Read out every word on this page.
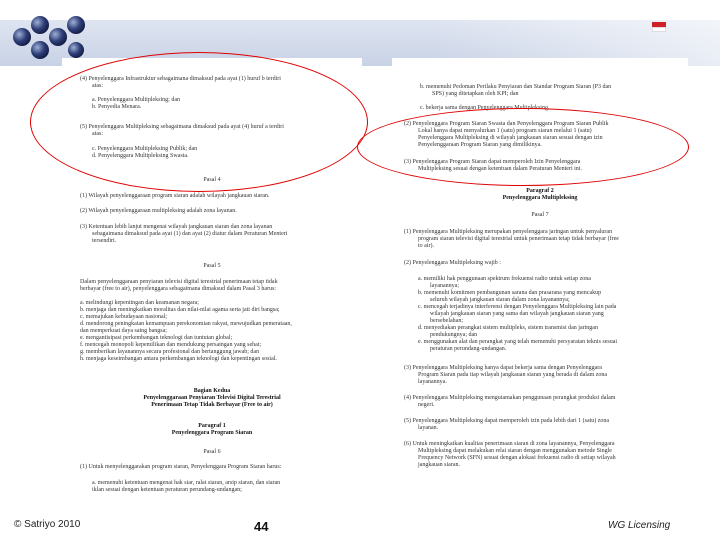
(4) Penyelenggara Infrastruktur sebagaimana dimaksud pada ayat (1) huruf b terdiri
atas:
a. Penyelenggara Multipleksing; dan
b. Penyedia Menara.
(5) Penyelenggara Multipleksing sebagaimana dimaksud pada ayat (4) huruf a terdiri
atas:
c. Penyelenggara Multipleksing Publik; dan
d. Penyelenggara Multipleksing Swasta.
Pasal 4
(1) Wilayah penyelenggaraan program siaran adalah wilayah jangkauan siaran.
(2) Wilayah penyelenggaraan multipleksing adalah zona layanan.
(3) Ketentuan lebih lanjut mengenai wilayah jangkauan siaran dan zona layanan
sebagaimana dimaksud pada ayat (1) dan ayat (2) diatur dalam Peraturan Menteri
tersendiri.
Pasal 5
Dalam penyelenggaraan penyiaran televisi digital terestrial penerimaan tetap tidak
berbayar (free to air), penyelenggara sebagaimana dimaksud dalam Pasal 3 harus:
a. melindungi kepentingan dan keamanan negara;
b. menjaga dan meningkatkan moralitas dan nilai-nilai agama serta jati diri bangsa;
c. memajukan kebudayaan nasional;
d. mendorong peningkatan kemampuan perekonomian rakyat, mewujudkan pemerataan,
dan memperkuat daya saing bangsa;
e. mengantisipasi perkembangan teknologi dan tuntutan global;
f. mencegah monopoli kepemilikan dan mendukung persaingan yang sehat;
g. memberikan layanannya secara profesional dan bertanggung jawab; dan
h. menjaga keseimbangan antara perkembangan teknologi dan kepentingan sosial.
Bagian Kedua
Penyelenggaraan Penyiaran Televisi Digital Terestrial
Penerimaan Tetap Tidak Berbayar (Free to air)
Paragraf 1
Penyelenggara Program Siaran
Pasal 6
(1) Untuk menyelenggarakan program siaran, Penyelenggara Program Siaran harus:
a. memenuhi ketentuan mengenai hak siar, ralat siaran, arsip siaran, dan siaran
iklan sesuai dengan ketentuan peraturan perundang-undangan;
b. memenuhi Pedoman Perilaku Penyiaran dan Standar Program Siaran (P3 dan
SPS) yang ditetapkan oleh KPI; dan
c. bekerja sama dengan Penyelenggara Multipleksing.
(2) Penyelenggara Program Siaran Swasta dan Penyelenggara Program Siaran Publik
Lokal hanya dapat menyalurkan 1 (satu) program siaran melalui 1 (satu)
Penyelenggara Multipleksing di wilayah jangkauan siaran sesuai dengan izin
Penyelenggaraan Program Siaran yang dimilikinya.
(3) Penyelenggara Program Siaran dapat memperoleh Izin Penyelenggara
Multipleksing sesuai dengan ketentuan dalam Peraturan Menteri ini.
Paragraf 2
Penyelenggara Multipleksing
Pasal 7
(1) Penyelenggara Multipleksing merupakan penyelenggara jaringan untuk penyaluran
program siaran televisi digital terestrial untuk penerimaan tetap tidak berbayar (free
to air).
(2) Penyelenggara Multipleksing wajib :
a. memiliki hak penggunaan spektrum frekuensi radio untuk setiap zona
layanannya;
b. memenuhi komitmen pembangunan sarana dan prasarana yang mencakup
seluruh wilayah jangkauan siaran dalam zona layanannya;
c. mencegah terjadinya interferensi dengan Penyelenggara Multipleksing lain pada
wilayah jangkauan siaran yang sama dan wilayah jangkauan siaran yang
bersebelahan;
d. menyediakan perangkat sistem multipleks, sistem transmisi dan jaringan
pendukungnya; dan
e. menggunakan alat dan perangkat yang telah memenuhi persyaratan teknis sesuai
peraturan perundang-undangan.
(3) Penyelenggara Multipleksing hanya dapat bekerja sama dengan Penyelenggara
Program Siaran pada tiap wilayah jangkauan siaran yang berada di dalam zona
layanannya.
(4) Penyelenggara Multipleksing mengutamakan penggunaan perangkat produksi dalam
negeri.
(5) Penyelenggara Multipleksing dapat memperoleh izin pada lebih dari 1 (satu) zona
layanan.
(6) Untuk meningkatkan kualitas penerimaan siaran di zona layanannya, Penyelenggara
Multipleksing dapat melakukan relai siaran dengan menggunakan metode Single
Frequency Network (SFN) sesuai dengan alokasi frekuensi radio di setiap wilayah
jangkauan siaran.
© Satriyo 2010	44	WG Licensing
